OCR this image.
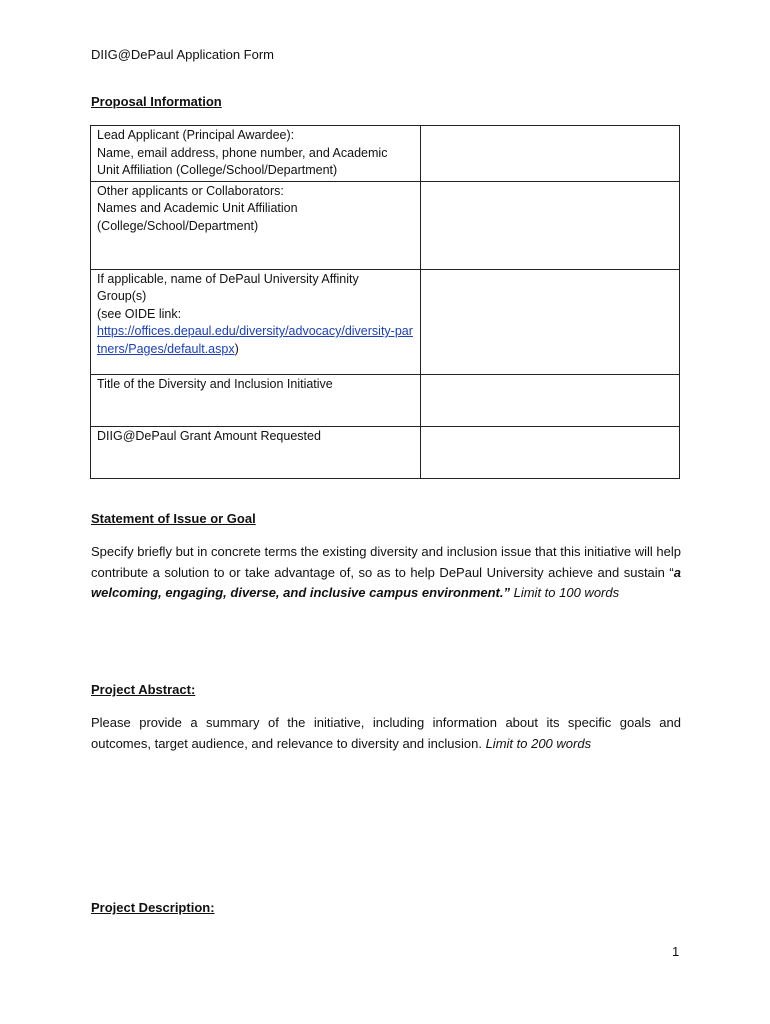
DIIG@DePaul Application Form
Proposal Information
Lead Applicant (Principal Awardee):
Name, email address, phone number, and Academic
Unit Affiliation (College/School/Department)	
Other applicants or Collaborators:
Names and Academic Unit Affiliation
(College/School/Department)	
If applicable, name of DePaul University Affinity
Group(s)
(see OIDE link:
https://offices.depaul.edu/diversity/advocacy/diversity-partners/Pages/default.aspx)	
Title of the Diversity and Inclusion Initiative	
DIIG@DePaul Grant Amount Requested	
Statement of Issue or Goal
Specify briefly but in concrete terms the existing diversity and inclusion issue that this initiative will help contribute a solution to or take advantage of, so as to help DePaul University achieve and sustain “a welcoming, engaging, diverse, and inclusive campus environment.” Limit to 100 words
Project Abstract:
Please provide a summary of the initiative, including information about its specific goals and outcomes, target audience, and relevance to diversity and inclusion. Limit to 200 words
Project Description:
1
